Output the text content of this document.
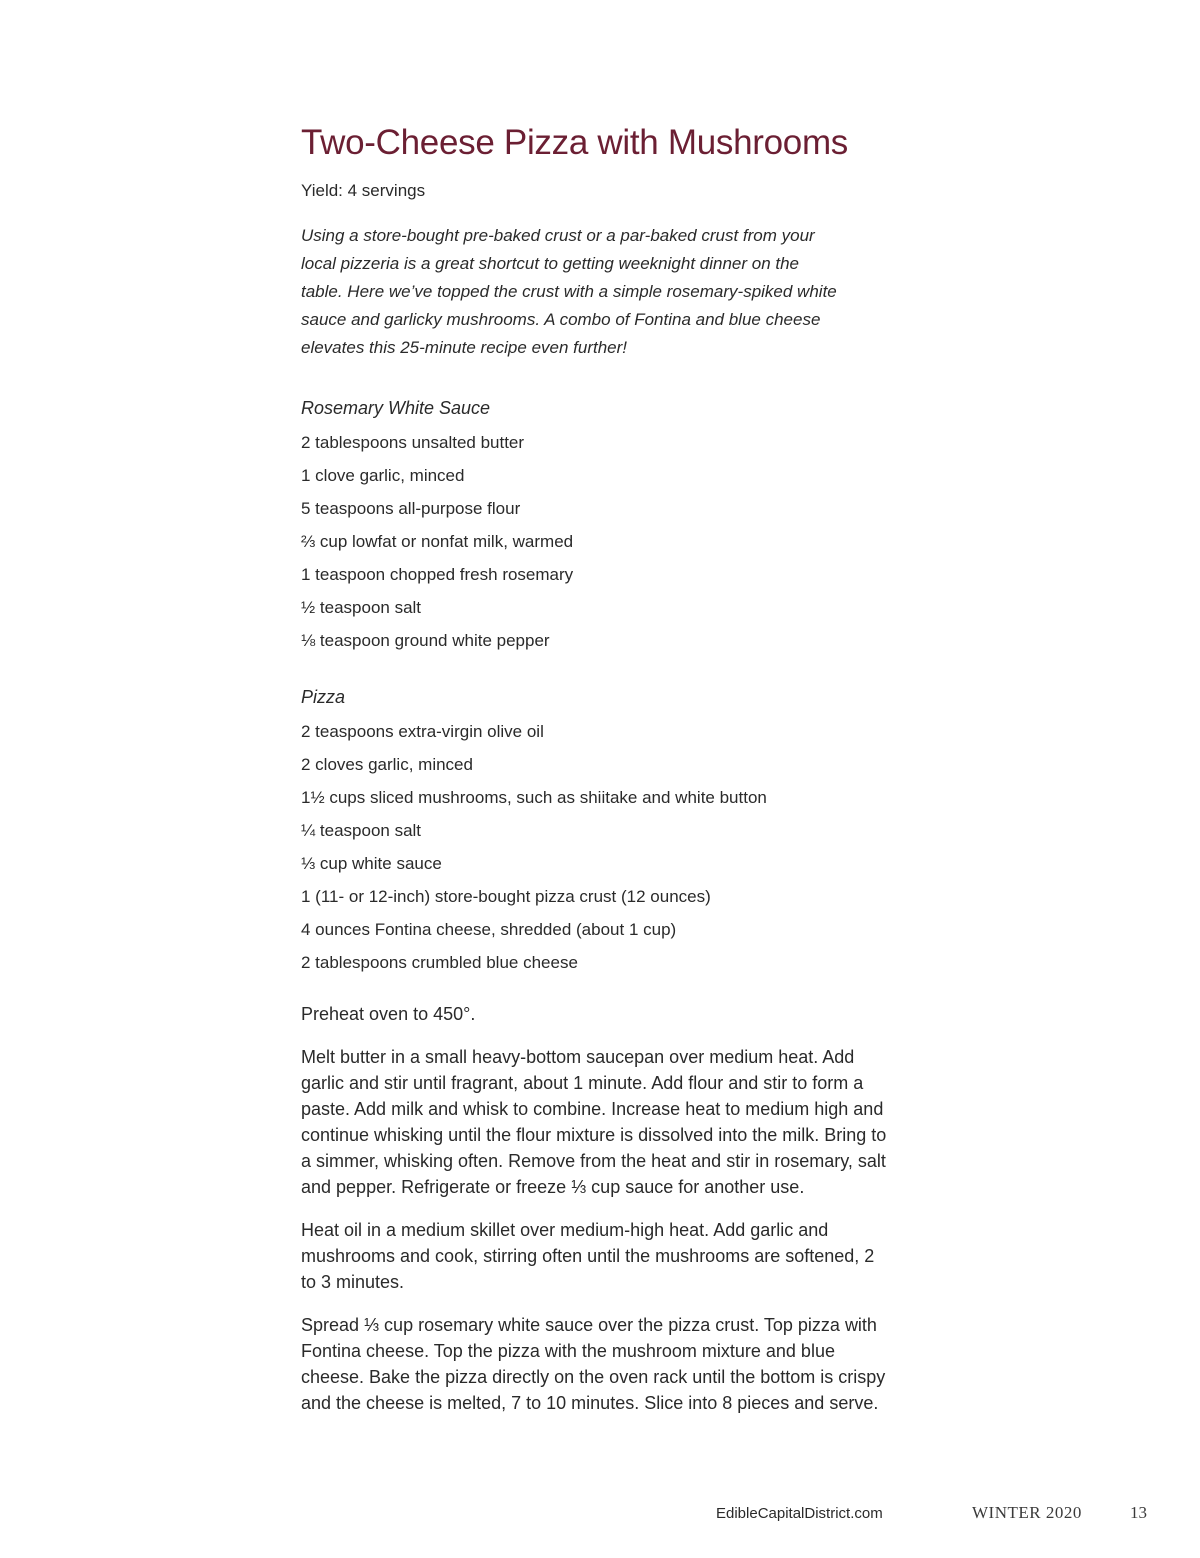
Two-Cheese Pizza with Mushrooms
Yield: 4 servings
Using a store-bought pre-baked crust or a par-baked crust from your local pizzeria is a great shortcut to getting weeknight dinner on the table. Here we’ve topped the crust with a simple rosemary-spiked white sauce and garlicky mushrooms. A combo of Fontina and blue cheese elevates this 25-minute recipe even further!
Rosemary White Sauce
2 tablespoons unsalted butter
1 clove garlic, minced
5 teaspoons all-purpose flour
⅔ cup lowfat or nonfat milk, warmed
1 teaspoon chopped fresh rosemary
½ teaspoon salt
⅛ teaspoon ground white pepper
Pizza
2 teaspoons extra-virgin olive oil
2 cloves garlic, minced
1½ cups sliced mushrooms, such as shiitake and white button
¼ teaspoon salt
⅓ cup white sauce
1 (11- or 12-inch) store-bought pizza crust (12 ounces)
4 ounces Fontina cheese, shredded (about 1 cup)
2 tablespoons crumbled blue cheese

Preheat oven to 450°.

Melt butter in a small heavy-bottom saucepan over medium heat. Add garlic and stir until fragrant, about 1 minute. Add flour and stir to form a paste. Add milk and whisk to combine. Increase heat to medium high and continue whisking until the flour mixture is dissolved into the milk. Bring to a simmer, whisking often. Remove from the heat and stir in rosemary, salt and pepper. Refrigerate or freeze ⅓ cup sauce for another use.

Heat oil in a medium skillet over medium-high heat. Add garlic and mushrooms and cook, stirring often until the mushrooms are softened, 2 to 3 minutes.

Spread ⅓ cup rosemary white sauce over the pizza crust. Top pizza with Fontina cheese. Top the pizza with the mushroom mixture and blue cheese. Bake the pizza directly on the oven rack until the bottom is crispy and the cheese is melted, 7 to 10 minutes. Slice into 8 pieces and serve.

EdibleCapitalDistrict.com	WINTER 2020	13
